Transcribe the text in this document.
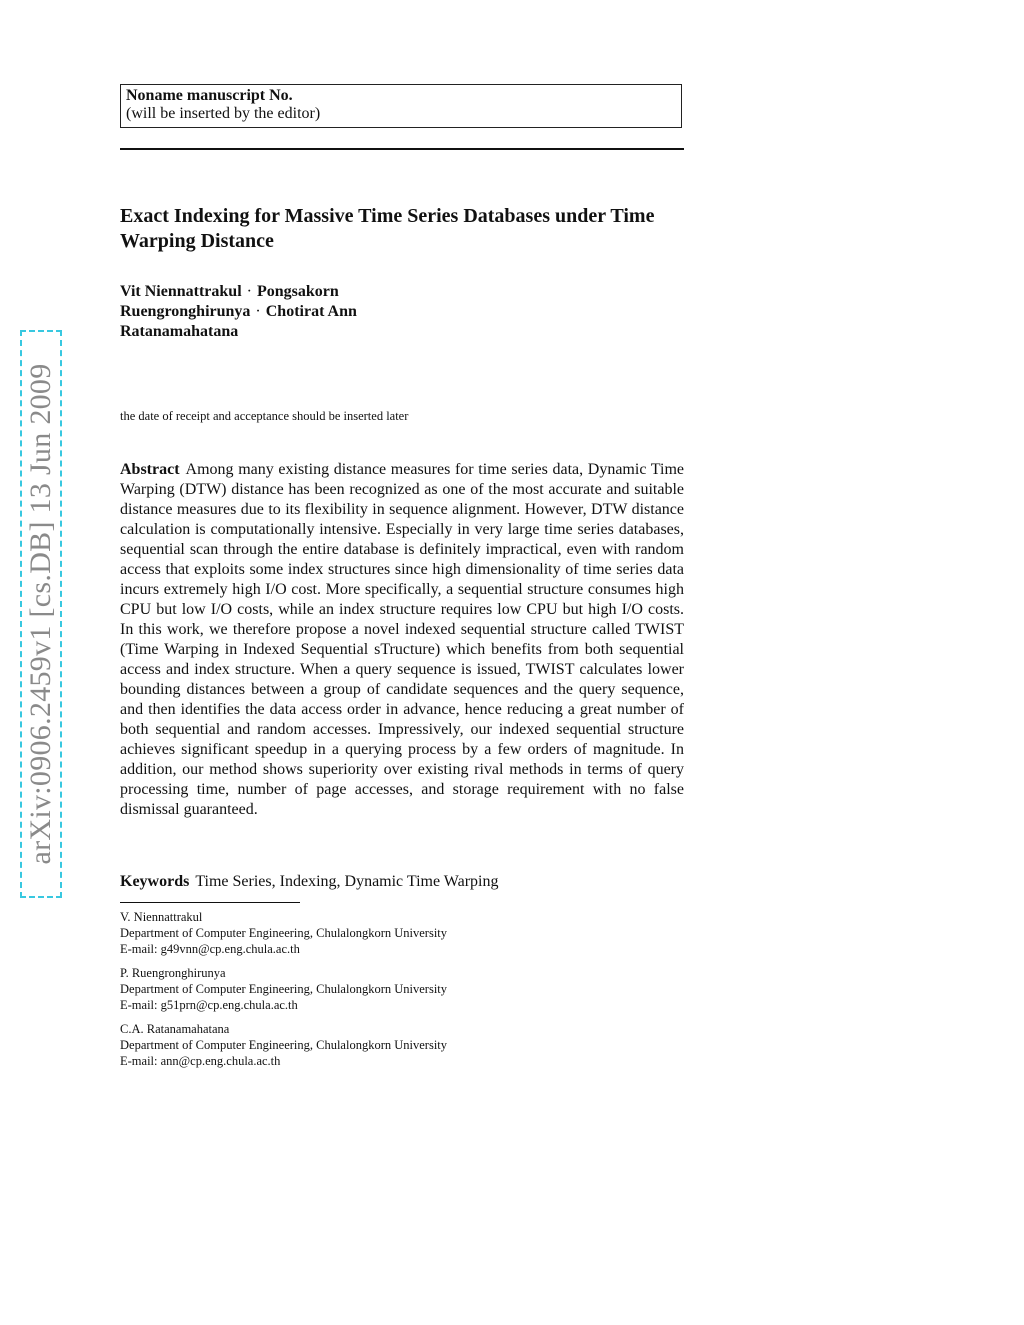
Noname manuscript No.
(will be inserted by the editor)
Exact Indexing for Massive Time Series Databases under Time Warping Distance
Vit Niennattrakul · Pongsakorn Ruengronghirunya · Chotirat Ann Ratanamahatana
the date of receipt and acceptance should be inserted later

Abstract Among many existing distance measures for time series data, Dynamic Time Warping (DTW) distance has been recognized as one of the most accurate and suitable distance measures due to its flexibility in sequence alignment. However, DTW distance calculation is computationally intensive. Especially in very large time series databases, sequential scan through the entire database is definitely impractical, even with random access that exploits some index structures since high dimensionality of time series data incurs extremely high I/O cost. More specifically, a sequential structure consumes high CPU but low I/O costs, while an index structure requires low CPU but high I/O costs. In this work, we therefore propose a novel indexed sequential structure called TWIST (Time Warping in Indexed Sequential sTructure) which benefits from both sequential access and index structure. When a query sequence is issued, TWIST calculates lower bounding distances between a group of candidate sequences and the query sequence, and then identifies the data access order in advance, hence reducing a great number of both sequential and random accesses. Impressively, our indexed sequential structure achieves significant speedup in a querying process by a few orders of magnitude. In addition, our method shows superiority over existing rival methods in terms of query processing time, number of page accesses, and storage requirement with no false dismissal guaranteed.

Keywords Time Series, Indexing, Dynamic Time Warping
V. Niennattrakul
Department of Computer Engineering, Chulalongkorn University
E-mail: g49vnn@cp.eng.chula.ac.th
P. Ruengronghirunya
Department of Computer Engineering, Chulalongkorn University
E-mail: g51prn@cp.eng.chula.ac.th
C.A. Ratanamahatana
Department of Computer Engineering, Chulalongkorn University
E-mail: ann@cp.eng.chula.ac.th
arXiv:0906.2459v1 [cs.DB] 13 Jun 2009
